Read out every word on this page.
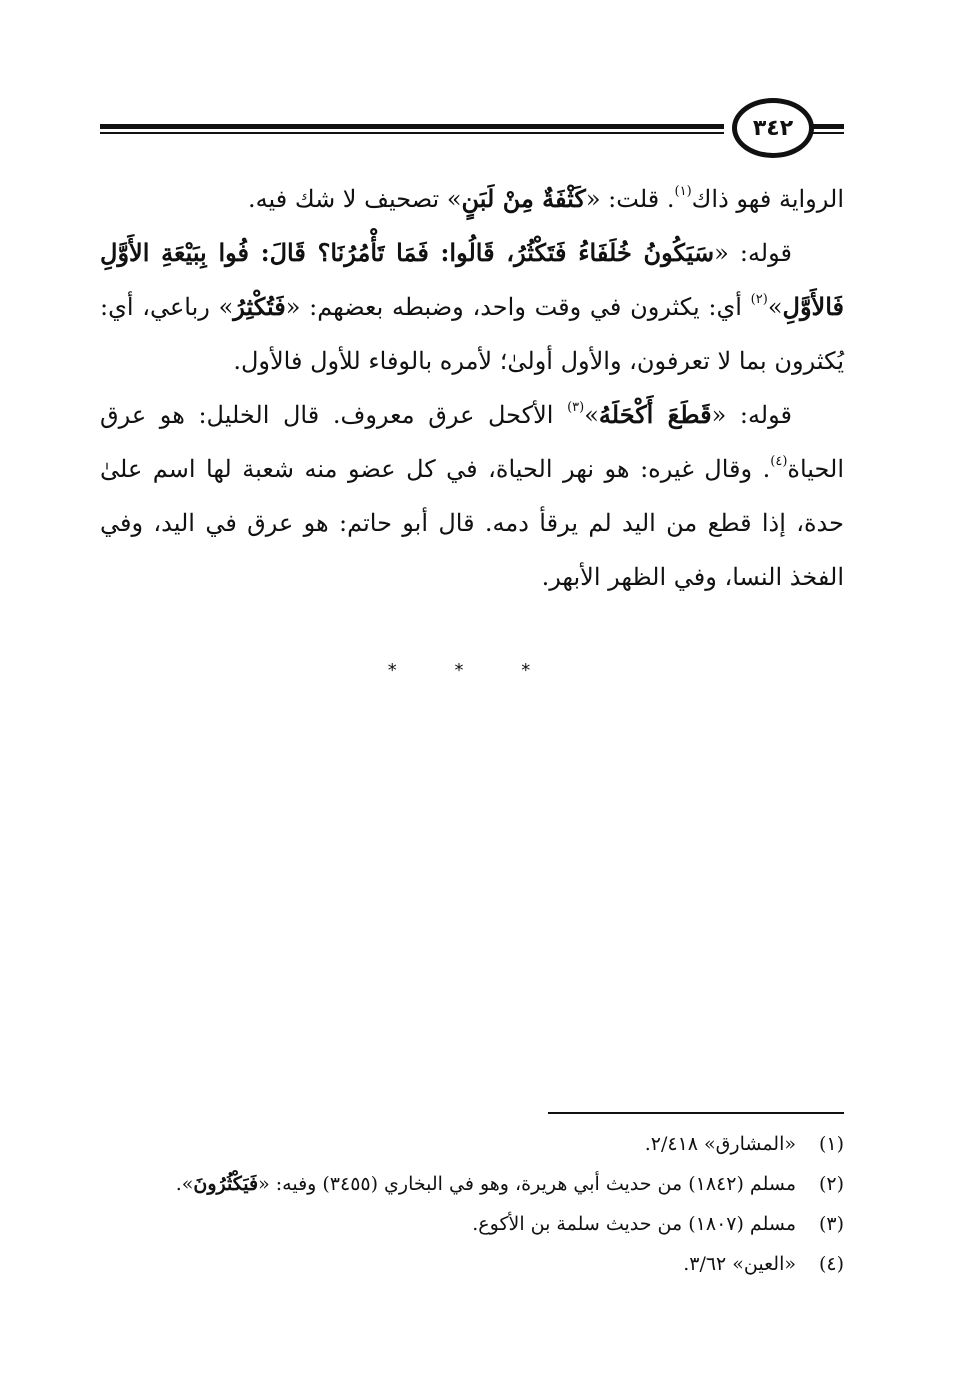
٣٤٢

الرواية فهو ذاك$^{(١)}$. قلت: «كَثْفَةٌ مِنْ لَبَنٍ» تصحيف لا شك فيه.

قوله: «سَيَكُونُ خُلَفَاءُ فَتَكْثُرُ، قَالُوا: فَمَا تَأْمُرُنَا؟ قَالَ: فُوا بِبَيْعَةِ الأَوَّلِ فَالأَوَّلِ»$^{(٢)}$ أي: يكثرون في وقت واحد، وضبطه بعضهم: «فَتُكْثِرُ» رباعي، أي: يُكثرون بما لا تعرفون، والأول أولىٰ؛ لأمره بالوفاء للأول فالأول.

قوله: «قَطَعَ أَكْحَلَهُ»$^{(٣)}$ الأكحل عرق معروف. قال الخليل: هو عرق الحياة$^{(٤)}$. وقال غيره: هو نهر الحياة، في كل عضو منه شعبة لها اسم علىٰ حدة، إذا قطع من اليد لم يرقأ دمه. قال أبو حاتم: هو عرق في اليد، وفي الفخذ النسا، وفي الظهر الأبهر.

* * *
(١)
«المشارق» ٢/٤١٨.
(٢)
مسلم (١٨٤٢) من حديث أبي هريرة، وهو في البخاري (٣٤٥٥) وفيه: «فَيَكْثُرُونَ».
(٣)
مسلم (١٨٠٧) من حديث سلمة بن الأكوع.
(٤)
«العين» ٣/٦٢.
